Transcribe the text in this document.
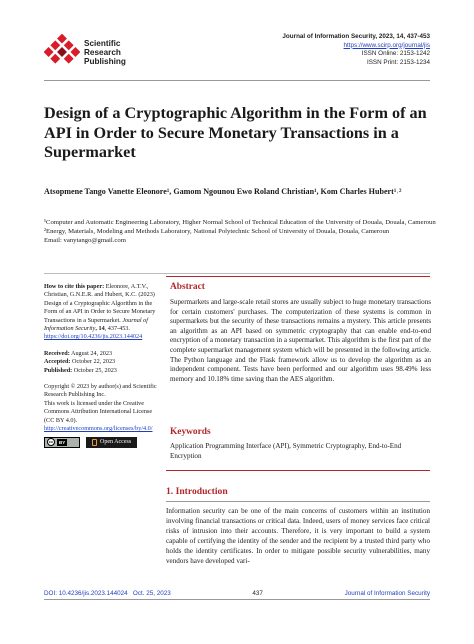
Scientific
Research
Publishing
Journal of Information Security, 2023, 14, 437-453
https://www.scirp.org/journal/jis
ISSN Online: 2153-1242
ISSN Print: 2153-1234
Design of a Cryptographic Algorithm in the Form of an API in Order to Secure Monetary Transactions in a Supermarket
Atsopmene Tango Vanette Eleonore¹, Gamom Ngounou Ewo Roland Christian¹, Kom Charles Hubert¹˒²

¹Computer and Automatic Engineering Laboratory, Higher Normal School of Technical Education of the University of Douala, Douala, Cameroun

²Energy, Materials, Modeling and Methods Laboratory, National Polytechnic School of University of Douala, Douala, Cameroun

Email: vanytango@gmail.com

How to cite this paper: Eleonore, A.T.V., Christian, G.N.E.R. and Hubert, K.C. (2023) Design of a Cryptographic Algorithm in the Form of an API in Order to Secure Monetary Transactions in a Supermarket. Journal of Information Security, 14, 437-453.

https://doi.org/10.4236/jis.2023.144024

Received: August 24, 2023

Accepted: October 22, 2023

Published: October 25, 2023

Copyright © 2023 by author(s) and Scientific Research Publishing Inc.

This work is licensed under the Creative Commons Attribution International License (CC BY 4.0).

http://creativecommons.org/licenses/by/4.0/

cc	BY	Open Access
Abstract

Supermarkets and large-scale retail stores are usually subject to huge monetary transactions for certain customers' purchases. The computerization of these systems is common in supermarkets but the security of these transactions remains a mystery. This article presents an algorithm as an API based on symmetric cryptography that can enable end-to-end encryption of a monetary transaction in a supermarket. This algorithm is the first part of the complete supermarket management system which will be presented in the following article. The Python language and the Flask framework allow us to develop the algorithm as an independent component. Tests have been performed and our algorithm uses 98.49% less memory and 10.18% time saving than the AES algorithm.

Keywords

Application Programming Interface (API), Symmetric Cryptography, End-to-End Encryption

1. Introduction

Information security can be one of the main concerns of customers within an institution involving financial transactions or critical data. Indeed, users of money services face critical risks of intrusion into their accounts. Therefore, it is very important to build a system capable of certifying the identity of the sender and the recipient by a trusted third party who holds the identity certificates. In order to mitigate possible security vulnerabilities, many vendors have developed vari-

DOI: 10.4236/jis.2023.144024 Oct. 25, 2023	437	Journal of Information Security
